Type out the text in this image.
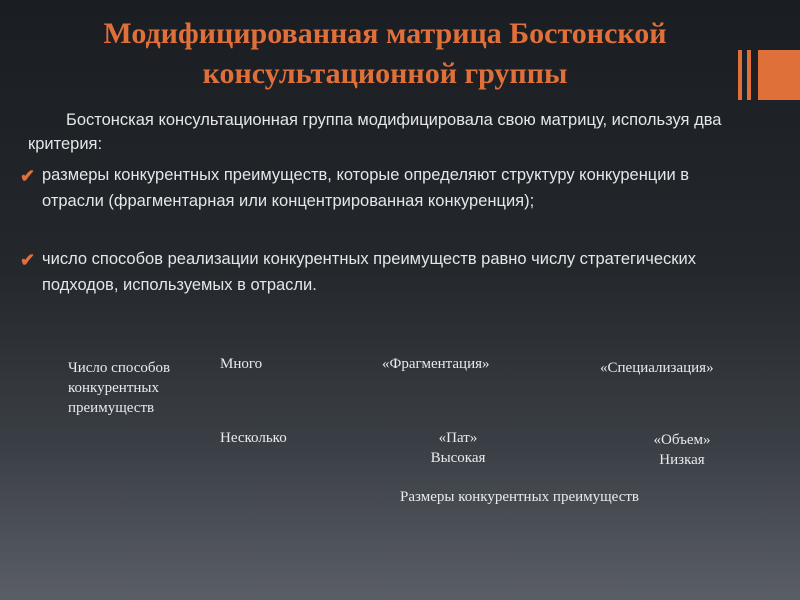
Модифицированная матрица Бостонской
консультационной группы
Бостонская консультационная группа модифицировала свою матрицу, используя два критерия:
✔ размеры конкурентных преимуществ, которые определяют структуру конкуренции в отрасли (фрагментарная или концентрированная конкуренция);
✔ число способов реализации конкурентных преимуществ равно числу стратегических подходов, используемых в отрасли.
Число способов конкурентных преимуществ
Много
Несколько
«Фрагментация»	«Специализация»
«Пат»
Высокая
«Объем»
Низкая
Размеры конкурентных преимуществ
